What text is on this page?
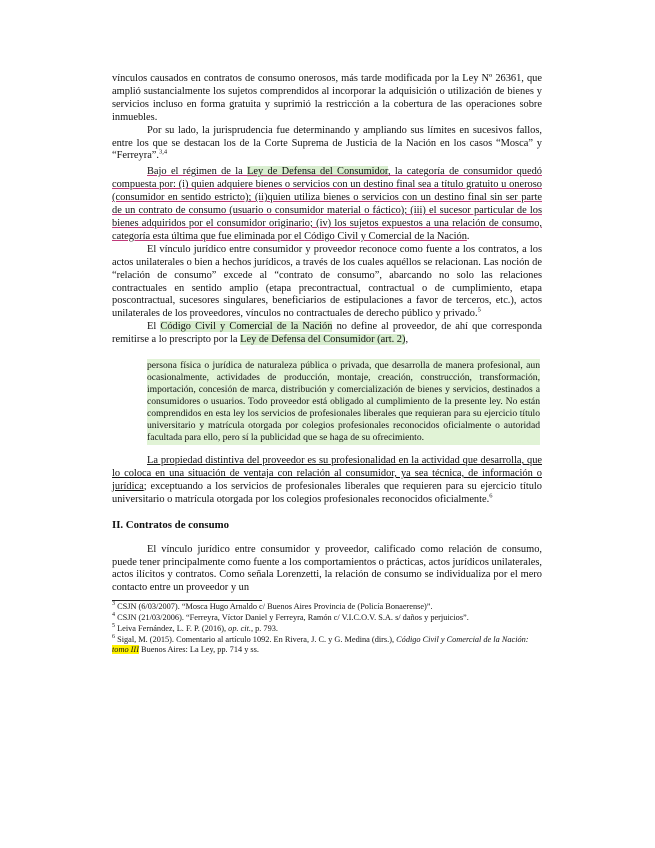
vínculos causados en contratos de consumo onerosos, más tarde modificada por la Ley Nº 26361, que amplió sustancialmente los sujetos comprendidos al incorporar la adquisición o utilización de bienes y servicios incluso en forma gratuita y suprimió la restricción a la cobertura de las operaciones sobre inmuebles.

Por su lado, la jurisprudencia fue determinando y ampliando sus límites en sucesivos fallos, entre los que se destacan los de la Corte Suprema de Justicia de la Nación en los casos “Mosca” y “Ferreyra”.$^{3,4}$

Bajo el régimen de la Ley de Defensa del Consumidor, la categoría de consumidor quedó compuesta por: (i) quien adquiere bienes o servicios con un destino final sea a título gratuito u oneroso (consumidor en sentido estricto); (ii)quien utiliza bienes o servicios con un destino final sin ser parte de un contrato de consumo (usuario o consumidor material o fáctico); (iii) el sucesor particular de los bienes adquiridos por el consumidor originario; (iv) los sujetos expuestos a una relación de consumo, categoría esta última que fue eliminada por el Código Civil y Comercial de la Nación.

El vínculo jurídico entre consumidor y proveedor reconoce como fuente a los contratos, a los actos unilaterales o bien a hechos jurídicos, a través de los cuales aquéllos se relacionan. Las noción de “relación de consumo” excede al “contrato de consumo”, abarcando no solo las relaciones contractuales en sentido amplio (etapa precontractual, contractual o de cumplimiento, etapa poscontractual, sucesores singulares, beneficiarios de estipulaciones a favor de terceros, etc.), actos unilaterales de los proveedores, vínculos no contractuales de derecho público y privado.$^5$

El Código Civil y Comercial de la Nación no define al proveedor, de ahí que corresponda remitirse a lo prescripto por la Ley de Defensa del Consumidor (art. 2),

persona física o jurídica de naturaleza pública o privada, que desarrolla de manera profesional, aun ocasionalmente, actividades de producción, montaje, creación, construcción, transformación, importación, concesión de marca, distribución y comercialización de bienes y servicios, destinados a consumidores o usuarios. Todo proveedor está obligado al cumplimiento de la presente ley. No están comprendidos en esta ley los servicios de profesionales liberales que requieran para su ejercicio título universitario y matrícula otorgada por colegios profesionales reconocidos oficialmente o autoridad facultada para ello, pero sí la publicidad que se haga de su ofrecimiento.

La propiedad distintiva del proveedor es su profesionalidad en la actividad que desarrolla, que lo coloca en una situación de ventaja con relación al consumidor, ya sea técnica, de información o jurídica; exceptuando a los servicios de profesionales liberales que requieren para su ejercicio título universitario o matrícula otorgada por los colegios profesionales reconocidos oficialmente.$^6$

II. Contratos de consumo

El vínculo jurídico entre consumidor y proveedor, calificado como relación de consumo, puede tener principalmente como fuente a los comportamientos o prácticas, actos jurídicos unilaterales, actos ilícitos y contratos. Como señala Lorenzetti, la relación de consumo se individualiza por el mero contacto entre un proveedor y un

$^3$ CSJN (6/03/2007). “Mosca Hugo Arnaldo c/ Buenos Aires Provincia de (Policía Bonaerense)”.

$^4$ CSJN (21/03/2006). “Ferreyra, Víctor Daniel y Ferreyra, Ramón c/ V.I.C.O.V. S.A. s/ daños y perjuicios”.

$^5$ Leiva Fernández, L. F. P. (2016), op. cit., p. 793.

$^6$ Sigal, M. (2015). Comentario al artículo 1092. En Rivera, J. C. y G. Medina (dirs.), Código Civil y Comercial de la Nación: tomo III Buenos Aires: La Ley, pp. 714 y ss.
